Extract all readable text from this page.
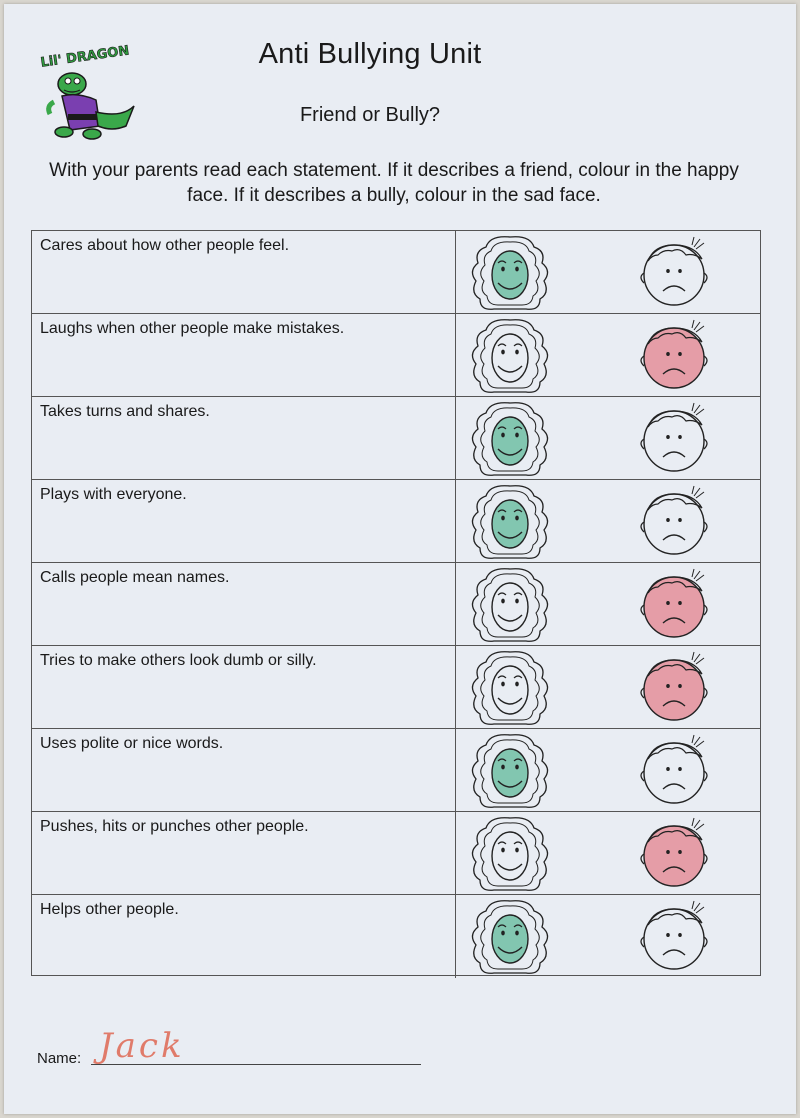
Lil' DRAGON	Anti Bullying Unit
Friend or Bully?
With your parents read each statement. If it describes a friend, colour in the happy face. If it describes a bully, colour in the sad face.
Cares about how other people feel.
Laughs when other people make mistakes.
Takes turns and shares.
Plays with everyone.
Calls people mean names.
Tries to make others look dumb or silly.
Uses polite or nice words.
Pushes, hits or punches other people.
Helps other people.
Name: Jack
